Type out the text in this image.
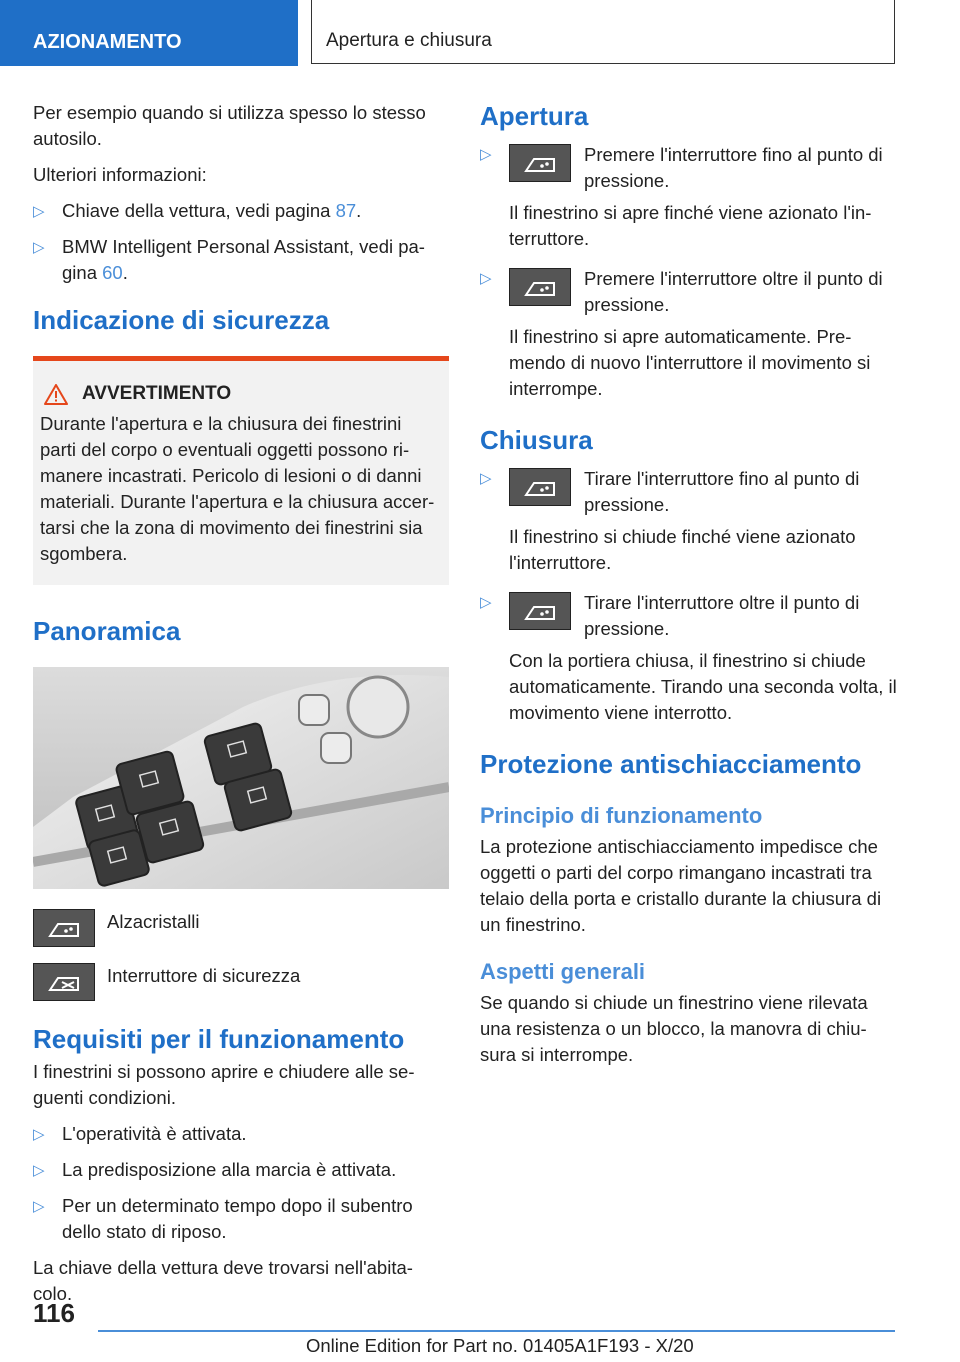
AZIONAMENTO	Apertura e chiusura

Per esempio quando si utilizza spesso lo stesso autosilo.

Ulteriori informazioni:

▷ Chiave della vettura, vedi pagina 87.
▷ BMW Intelligent Personal Assistant, vedi pa-gina 60.
Indicazione di sicurezza
AVVERTIMENTO
Durante l'apertura e la chiusura dei finestrini parti del corpo o eventuali oggetti possono ri-manere incastrati. Pericolo di lesioni o di danni materiali. Durante l'apertura e la chiusura accer-tarsi che la zona di movimento dei finestrini sia sgombera.
Panoramica
Alzacristalli
Interruttore di sicurezza
Requisiti per il funzionamento

I finestrini si possono aprire e chiudere alle se-guenti condizioni.

▷ L'operatività è attivata.
▷ La predisposizione alla marcia è attivata.
▷ Per un determinato tempo dopo il subentro dello stato di riposo.

La chiave della vettura deve trovarsi nell'abita-colo.

Apertura
▷	Premere l'interruttore fino al punto di pressione.
Il finestrino si apre finché viene azionato l'in-terruttore.
▷	Premere l'interruttore oltre il punto di pressione.
Il finestrino si apre automaticamente. Pre-mendo di nuovo l'interruttore il movimento si interrompe.
Chiusura
▷	Tirare l'interruttore fino al punto di pressione.
Il finestrino si chiude finché viene azionato l'interruttore.
▷	Tirare l'interruttore oltre il punto di pressione.
Con la portiera chiusa, il finestrino si chiude automaticamente. Tirando una seconda volta, il movimento viene interrotto.
Protezione antischiacciamento
Principio di funzionamento

La protezione antischiacciamento impedisce che oggetti o parti del corpo rimangano incastrati tra telaio della porta e cristallo durante la chiusura di un finestrino.

Aspetti generali

Se quando si chiude un finestrino viene rilevata una resistenza o un blocco, la manovra di chiu-sura si interrompe.

116
Online Edition for Part no. 01405A1F193 - X/20
